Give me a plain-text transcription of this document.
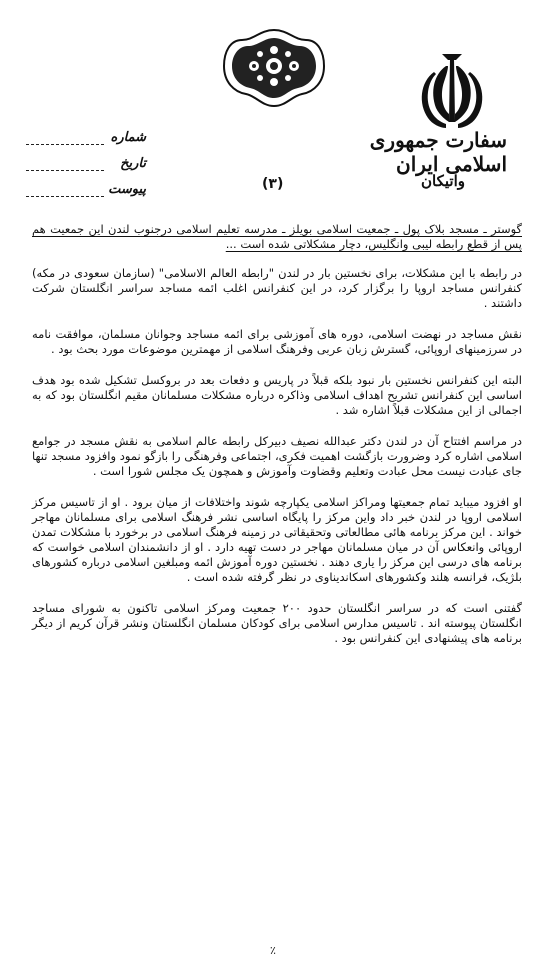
سفارت جمهوری اسلامی ایران
واتیکان
شماره
تاریخ
پیوست	(۳)

گوستر ـ مسجد بلاک پول ـ جمعیت اسلامی بویلز ـ مدرسه تعلیم اسلامی درجنوب لندن این جمعیت هم پس از قطع رابطه لیبی وانگلیس، دچار مشکلاتی شده است ...

در رابطه با این مشکلات، برای نخستین بار در لندن "رابطه العالم الاسلامی" (سازمان سعودی در مکه) کنفرانس مساجد اروپا را برگزار کرد، در این کنفرانس اغلب ائمه مساجد سراسر انگلستان شرکت داشتند .

نقش مساجد در نهضت اسلامی، دوره های آموزشی برای ائمه مساجد وجوانان مسلمان، موافقت نامه در سرزمینهای اروپائی، گسترش زبان عربی وفرهنگ اسلامی از مهمترین موضوعات مورد بحث بود .

البته این کنفرانس نخستین بار نبود بلکه قبلاً در پاریس و دفعات بعد در بروکسل تشکیل شده بود هدف اساسی این کنفرانس تشریح اهداف اسلامی وذاکره درباره مشکلات مسلمانان مقیم انگلستان بود که به اجمالی از این مشکلات قبلاً اشاره شد .

در مراسم افتتاح آن در لندن دکتر عبدالله نصیف دبیرکل رابطه عالم اسلامی به نقش مسجد در جوامع اسلامی اشاره کرد وضرورت بازگشت اهمیت فکری، اجتماعی وفرهنگی را بازگو نمود وافزود مسجد تنها جای عبادت نیست محل عبادت وتعلیم وقضاوت وآموزش و همچون یک مجلس شورا است .

او افزود میباید تمام جمعیتها ومراکز اسلامی یکپارچه شوند واختلافات از میان برود . او از تاسیس مرکز اسلامی اروپا در لندن خبر داد واین مرکز را پایگاه اساسی نشر فرهنگ اسلامی برای مسلمانان مهاجر خواند . این مرکز برنامه هائی مطالعاتی وتحقیقاتی در زمینه فرهنگ اسلامی در برخورد با مشکلات تمدن اروپائی وانعکاس آن در میان مسلمانان مهاجر در دست تهیه دارد . او از دانشمندان اسلامی خواست که برنامه های درسی این مرکز را یاری دهند . نخستین دوره آموزش ائمه ومبلغین اسلامی درباره کشورهای بلژیک، فرانسه هلند وکشورهای اسکاندیناوی در نظر گرفته شده است .

گفتنی است که در سراسر انگلستان حدود ۲۰۰ جمعیت ومرکز اسلامی تاکنون به شورای مساجد انگلستان پیوسته اند . تاسیس مدارس اسلامی برای کودکان مسلمان انگلستان ونشر قرآن کریم از دیگر برنامه های پیشنهادی این کنفرانس بود .

٪
